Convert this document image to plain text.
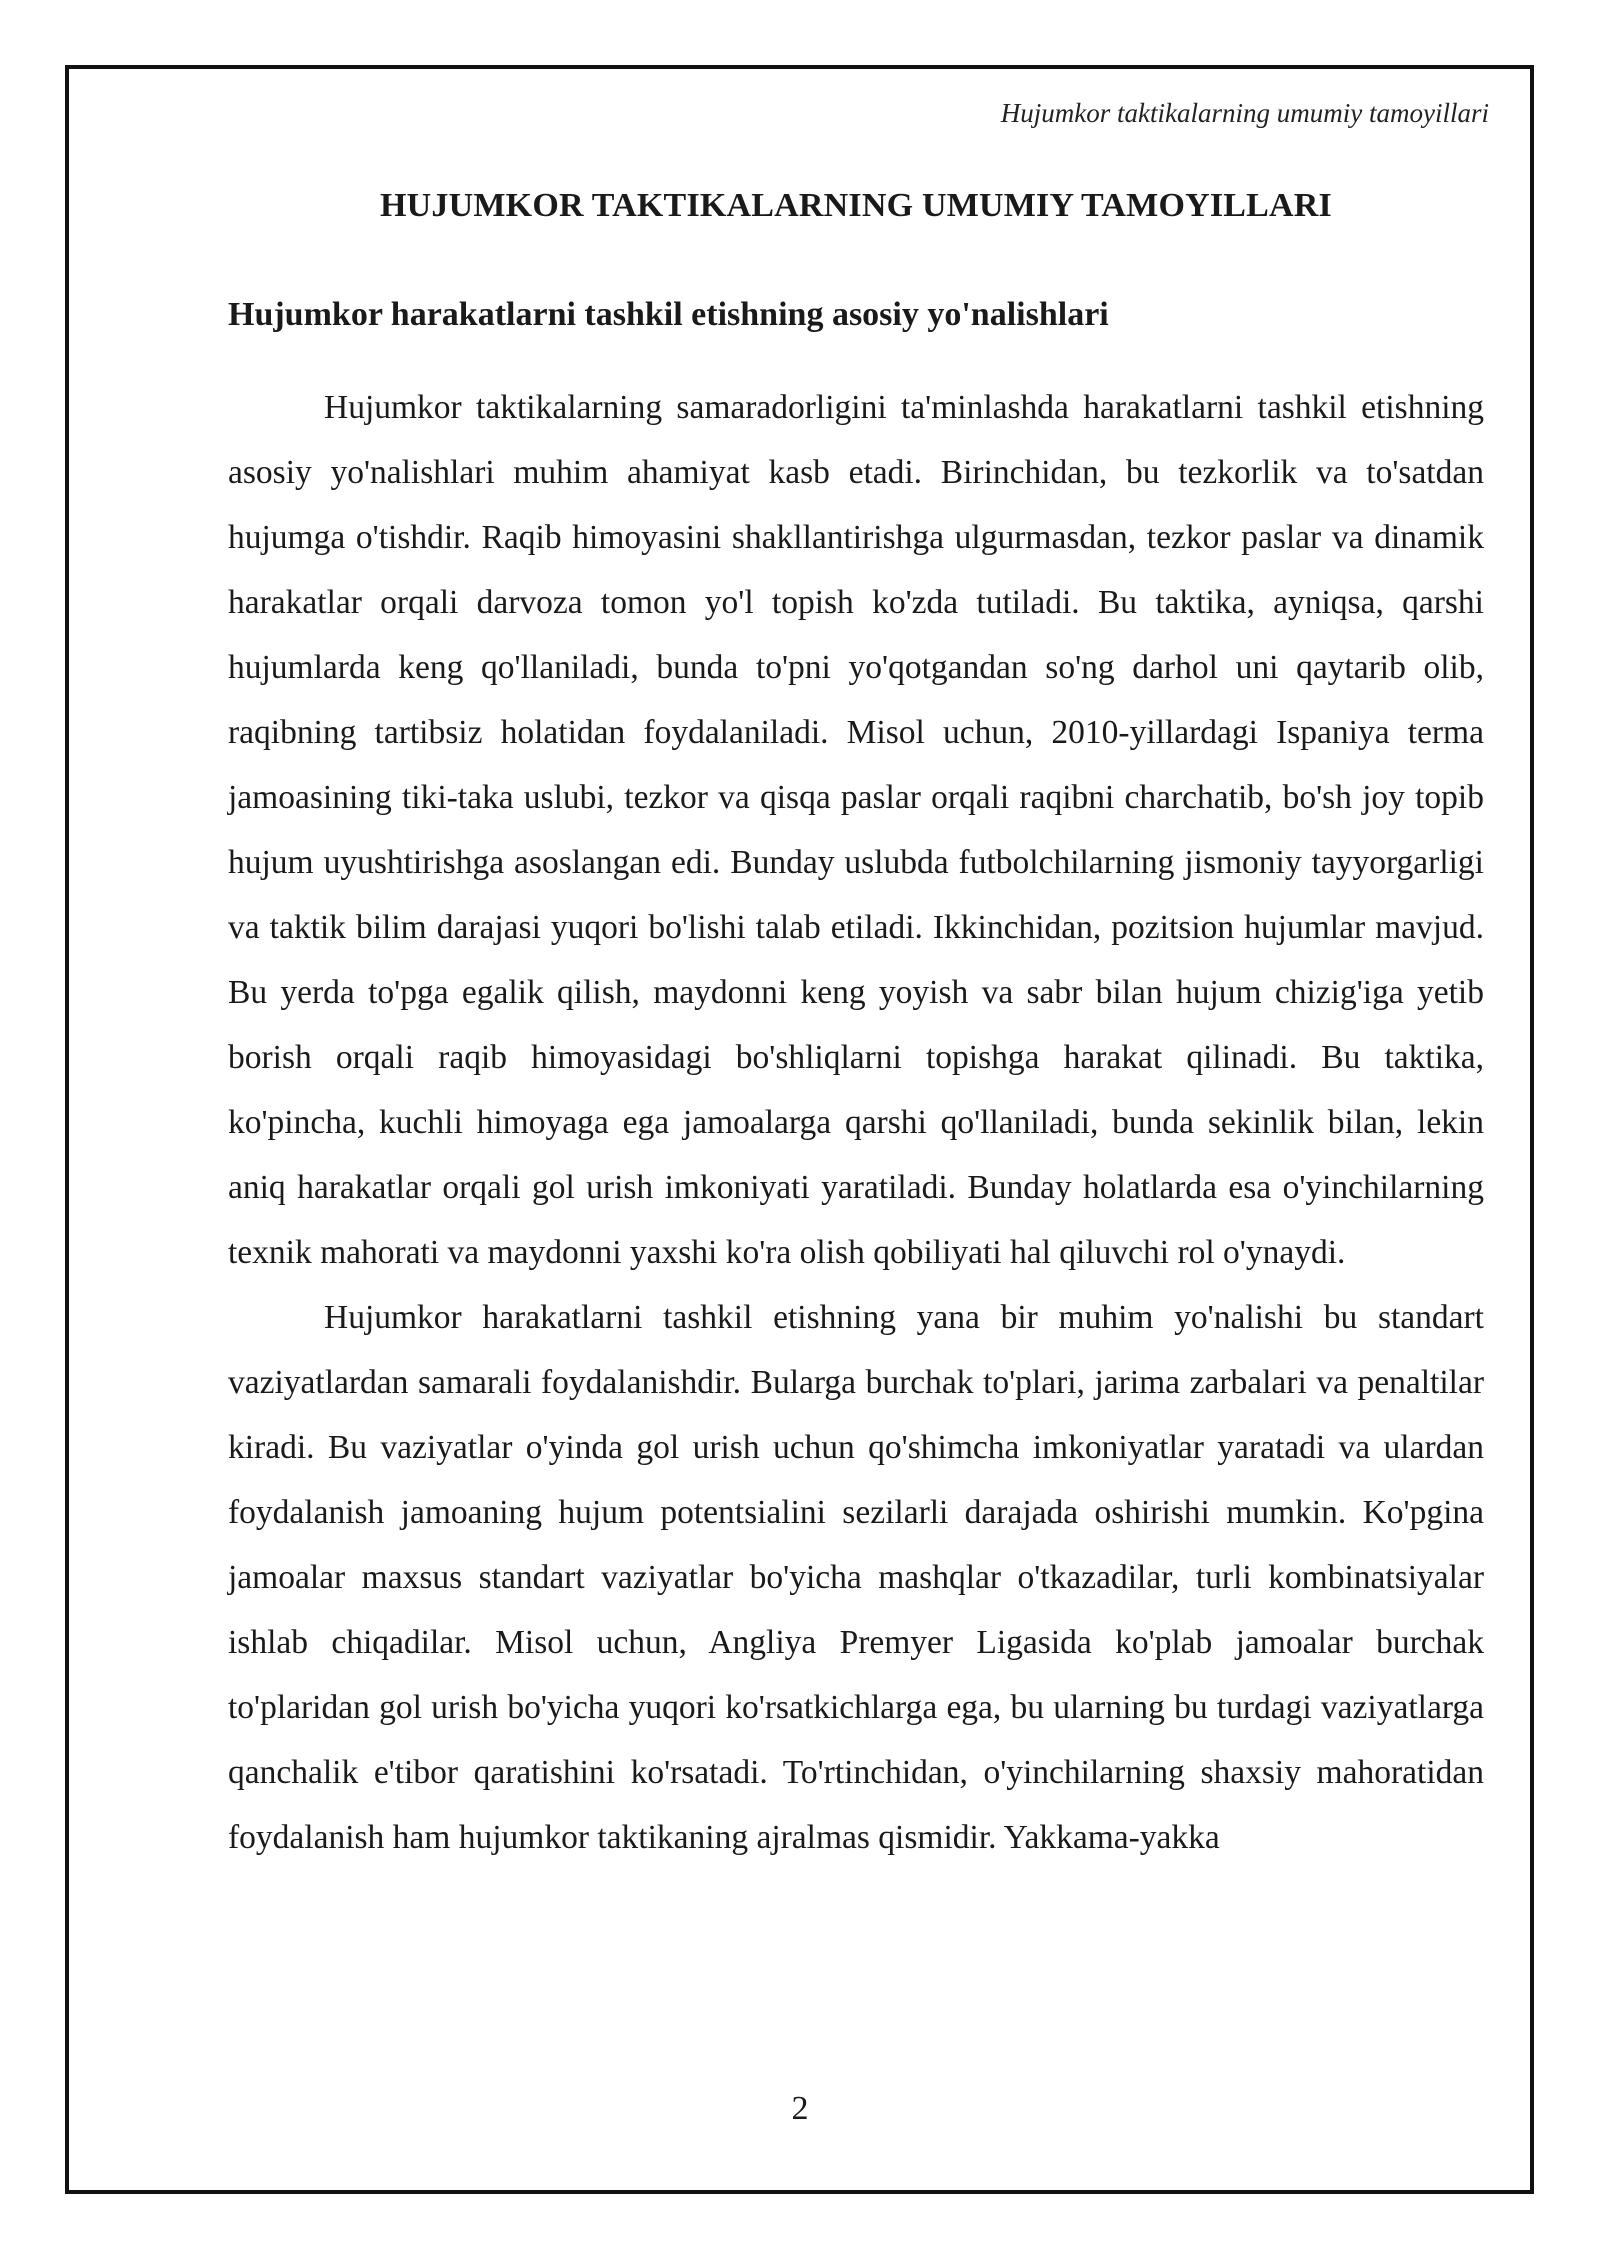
Hujumkor taktikalarning umumiy tamoyillari
HUJUMKOR TAKTIKALARNING UMUMIY TAMOYILLARI
Hujumkor harakatlarni tashkil etishning asosiy yo'nalishlari

Hujumkor taktikalarning samaradorligini ta'minlashda harakatlarni tashkil etishning asosiy yo'nalishlari muhim ahamiyat kasb etadi. Birinchidan, bu tezkorlik va to'satdan hujumga o'tishdir. Raqib himoyasini shakllantirishga ulgurmasdan, tezkor paslar va dinamik harakatlar orqali darvoza tomon yo'l topish ko'zda tutiladi. Bu taktika, ayniqsa, qarshi hujumlarda keng qo'llaniladi, bunda to'pni yo'qotgandan so'ng darhol uni qaytarib olib, raqibning tartibsiz holatidan foydalaniladi. Misol uchun, 2010-yillardagi Ispaniya terma jamoasining tiki-taka uslubi, tezkor va qisqa paslar orqali raqibni charchatib, bo'sh joy topib hujum uyushtirishga asoslangan edi. Bunday uslubda futbolchilarning jismoniy tayyorgarligi va taktik bilim darajasi yuqori bo'lishi talab etiladi. Ikkinchidan, pozitsion hujumlar mavjud. Bu yerda to'pga egalik qilish, maydonni keng yoyish va sabr bilan hujum chizig'iga yetib borish orqali raqib himoyasidagi bo'shliqlarni topishga harakat qilinadi. Bu taktika, ko'pincha, kuchli himoyaga ega jamoalarga qarshi qo'llaniladi, bunda sekinlik bilan, lekin aniq harakatlar orqali gol urish imkoniyati yaratiladi. Bunday holatlarda esa o'yinchilarning texnik mahorati va maydonni yaxshi ko'ra olish qobiliyati hal qiluvchi rol o'ynaydi.

Hujumkor harakatlarni tashkil etishning yana bir muhim yo'nalishi bu standart vaziyatlardan samarali foydalanishdir. Bularga burchak to'plari, jarima zarbalari va penaltilar kiradi. Bu vaziyatlar o'yinda gol urish uchun qo'shimcha imkoniyatlar yaratadi va ulardan foydalanish jamoaning hujum potentsialini sezilarli darajada oshirishi mumkin. Ko'pgina jamoalar maxsus standart vaziyatlar bo'yicha mashqlar o'tkazadilar, turli kombinatsiyalar ishlab chiqadilar. Misol uchun, Angliya Premyer Ligasida ko'plab jamoalar burchak to'plaridan gol urish bo'yicha yuqori ko'rsatkichlarga ega, bu ularning bu turdagi vaziyatlarga qanchalik e'tibor qaratishini ko'rsatadi. To'rtinchidan, o'yinchilarning shaxsiy mahoratidan foydalanish ham hujumkor taktikaning ajralmas qismidir. Yakkama-yakka

2
